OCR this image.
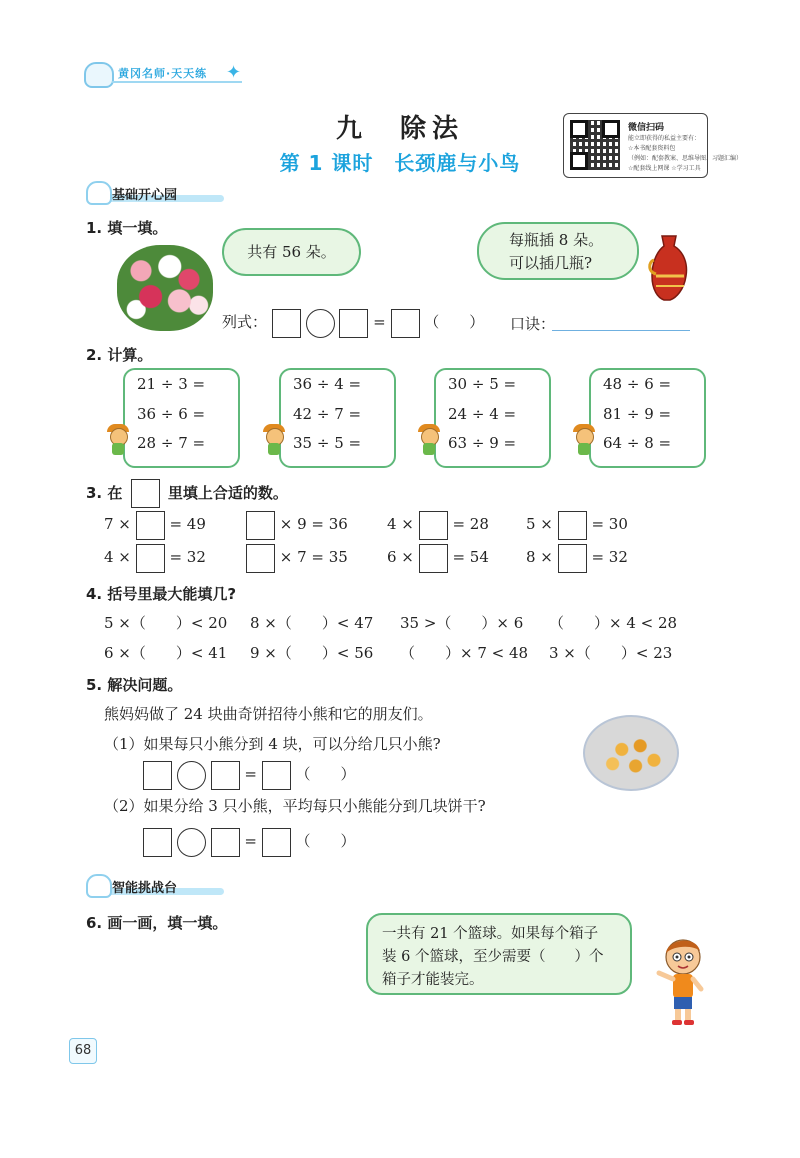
黄冈名师·天天练 ✦
九　除法
第 1 课时　长颈鹿与小鸟
微信扫码
能立即获得的私益主要有：
☆本书配套资料包
（例如：配套教案、思维导图、习题汇编）
☆配套线上网课 ☆学习工具
基础开心园
1. 填一填。
共有 56 朵。
每瓶插 8 朵。
可以插几瓶?
列式：	=	（　　） 口诀：
2. 计算。
21 ÷ 3 =
36 ÷ 6 =
28 ÷ 7 =
36 ÷ 4 =
42 ÷ 7 =
35 ÷ 5 =
30 ÷ 5 =
24 ÷ 4 =
63 ÷ 9 =
48 ÷ 6 =
81 ÷ 9 =
64 ÷ 8 =
3. 在	里填上合适的数。
7 ×	= 49	× 9 = 36	4 ×	= 28 5 ×	= 30
4 ×	= 32	× 7 = 35	6 ×	= 54 8 ×	= 32
4. 括号里最大能填几?
5 ×（　　）< 20 8 ×（　　）< 47 35 >（　　）× 6 （　　）× 4 < 28
6 ×（　　）< 41 9 ×（　　）< 56 （　　）× 7 < 48 3 ×（　　）< 23
5. 解决问题。
熊妈妈做了 24 块曲奇饼招待小熊和它的朋友们。
（1）如果每只小熊分到 4 块，可以分给几只小熊?
=	（　　）
（2）如果分给 3 只小熊，平均每只小熊能分到几块饼干?
=	（　　）
智能挑战台
6. 画一画，填一填。
一共有 21 个篮球。如果每个箱子
装 6 个篮球，至少需要（　　）个
箱子才能装完。
68
